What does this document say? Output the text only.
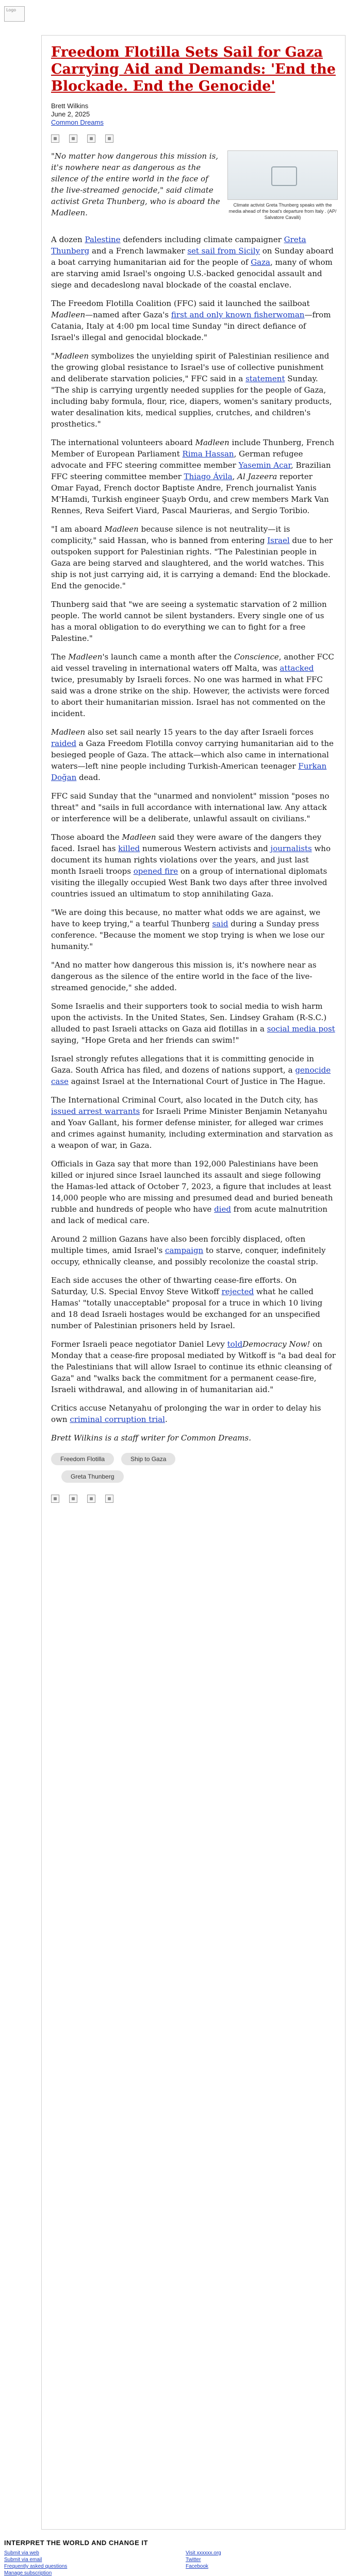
Logo
Freedom Flotilla Sets Sail for Gaza Carrying Aid and Demands: 'End the Blockade. End the Genocide'

Brett Wilkins

June 2, 2025

Common Dreams

"No matter how dangerous this mission is, it's nowhere near as dangerous as the silence of the entire world in the face of the live-streamed genocide," said climate activist Greta Thunberg, who is aboard the Madleen.

Climate activist Greta Thunberg speaks with the media ahead of the boat's departure from Italy . (AP/ Salvatore Cavalli)

A dozen Palestine defenders including climate campaigner Greta Thunberg and a French lawmaker set sail from Sicily on Sunday aboard a boat carrying humanitarian aid for the people of Gaza, many of whom are starving amid Israel's ongoing U.S.-backed genocidal assault and siege and decadeslong naval blockade of the coastal enclave.

The Freedom Flotilla Coalition (FFC) said it launched the sailboat Madleen—named after Gaza's first and only known fisherwoman—from Catania, Italy at 4:00 pm local time Sunday "in direct defiance of Israel's illegal and genocidal blockade."

"Madleen symbolizes the unyielding spirit of Palestinian resilience and the growing global resistance to Israel's use of collective punishment and deliberate starvation policies," FFC said in a statement Sunday. "The ship is carrying urgently needed supplies for the people of Gaza, including baby formula, flour, rice, diapers, women's sanitary products, water desalination kits, medical supplies, crutches, and children's prosthetics."

The international volunteers aboard Madleen include Thunberg, French Member of European Parliament Rima Hassan, German refugee advocate and FFC steering committee member Yasemin Acar, Brazilian FFC steering committee member Thiago Ávila, Al Jazeera reporter Omar Fayad, French doctor Baptiste Andre, French journalist Yanis M'Hamdi, Turkish engineer Şuayb Ordu, and crew members Mark Van Rennes, Reva Seifert Viard, Pascal Maurieras, and Sergio Toribio.

"I am aboard Madleen because silence is not neutrality—it is complicity," said Hassan, who is banned from entering Israel due to her outspoken support for Palestinian rights. "The Palestinian people in Gaza are being starved and slaughtered, and the world watches. This ship is not just carrying aid, it is carrying a demand: End the blockade. End the genocide."

Thunberg said that "we are seeing a systematic starvation of 2 million people. The world cannot be silent bystanders. Every single one of us has a moral obligation to do everything we can to fight for a free Palestine."

The Madleen's launch came a month after the Conscience, another FCC aid vessel traveling in international waters off Malta, was attacked twice, presumably by Israeli forces. No one was harmed in what FFC said was a drone strike on the ship. However, the activists were forced to abort their humanitarian mission. Israel has not commented on the incident.

Madleen also set sail nearly 15 years to the day after Israeli forces raided a Gaza Freedom Flotilla convoy carrying humanitarian aid to the besieged people of Gaza. The attack—which also came in international waters—left nine people including Turkish-American teenager Furkan Doğan dead.

FFC said Sunday that the "unarmed and nonviolent" mission "poses no threat" and "sails in full accordance with international law. Any attack or interference will be a deliberate, unlawful assault on civilians."

Those aboard the Madleen said they were aware of the dangers they faced. Israel has killed numerous Western activists and journalists who document its human rights violations over the years, and just last month Israeli troops opened fire on a group of international diplomats visiting the illegally occupied West Bank two days after three involved countries issued an ultimatum to stop annihilating Gaza.

"We are doing this because, no matter what odds we are against, we have to keep trying," a tearful Thunberg said during a Sunday press conference. "Because the moment we stop trying is when we lose our humanity."

"And no matter how dangerous this mission is, it's nowhere near as dangerous as the silence of the entire world in the face of the live-streamed genocide," she added.

Some Israelis and their supporters took to social media to wish harm upon the activists. In the United States, Sen. Lindsey Graham (R-S.C.) alluded to past Israeli attacks on Gaza aid flotillas in a social media post saying, "Hope Greta and her friends can swim!"

Israel strongly refutes allegations that it is committing genocide in Gaza. South Africa has filed, and dozens of nations support, a genocide case against Israel at the International Court of Justice in The Hague.

The International Criminal Court, also located in the Dutch city, has issued arrest warrants for Israeli Prime Minister Benjamin Netanyahu and Yoav Gallant, his former defense minister, for alleged war crimes and crimes against humanity, including extermination and starvation as a weapon of war, in Gaza.

Officials in Gaza say that more than 192,000 Palestinians have been killed or injured since Israel launched its assault and siege following the Hamas-led attack of October 7, 2023, a figure that includes at least 14,000 people who are missing and presumed dead and buried beneath rubble and hundreds of people who have died from acute malnutrition and lack of medical care.

Around 2 million Gazans have also been forcibly displaced, often multiple times, amid Israel's campaign to starve, conquer, indefinitely occupy, ethnically cleanse, and possibly recolonize the coastal strip.

Each side accuses the other of thwarting cease-fire efforts. On Saturday, U.S. Special Envoy Steve Witkoff rejected what he called Hamas' "totally unacceptable" proposal for a truce in which 10 living and 18 dead Israeli hostages would be exchanged for an unspecified number of Palestinian prisoners held by Israel.

Former Israeli peace negotiator Daniel Levy toldDemocracy Now! on Monday that a cease-fire proposal mediated by Witkoff is "a bad deal for the Palestinians that will allow Israel to continue its ethnic cleansing of Gaza" and "walks back the commitment for a permanent cease-fire, Israeli withdrawal, and allowing in of humanitarian aid."

Critics accuse Netanyahu of prolonging the war in order to delay his own criminal corruption trial.

Brett Wilkins is a staff writer for Common Dreams.

Freedom Flotilla	Ship to Gaza
Greta Thunberg

INTERPRET THE WORLD AND CHANGE IT
Submit via web
Submit via email
Frequently asked questions
Manage subscription
Visit xxxxxx.org
Twitter
Facebook
